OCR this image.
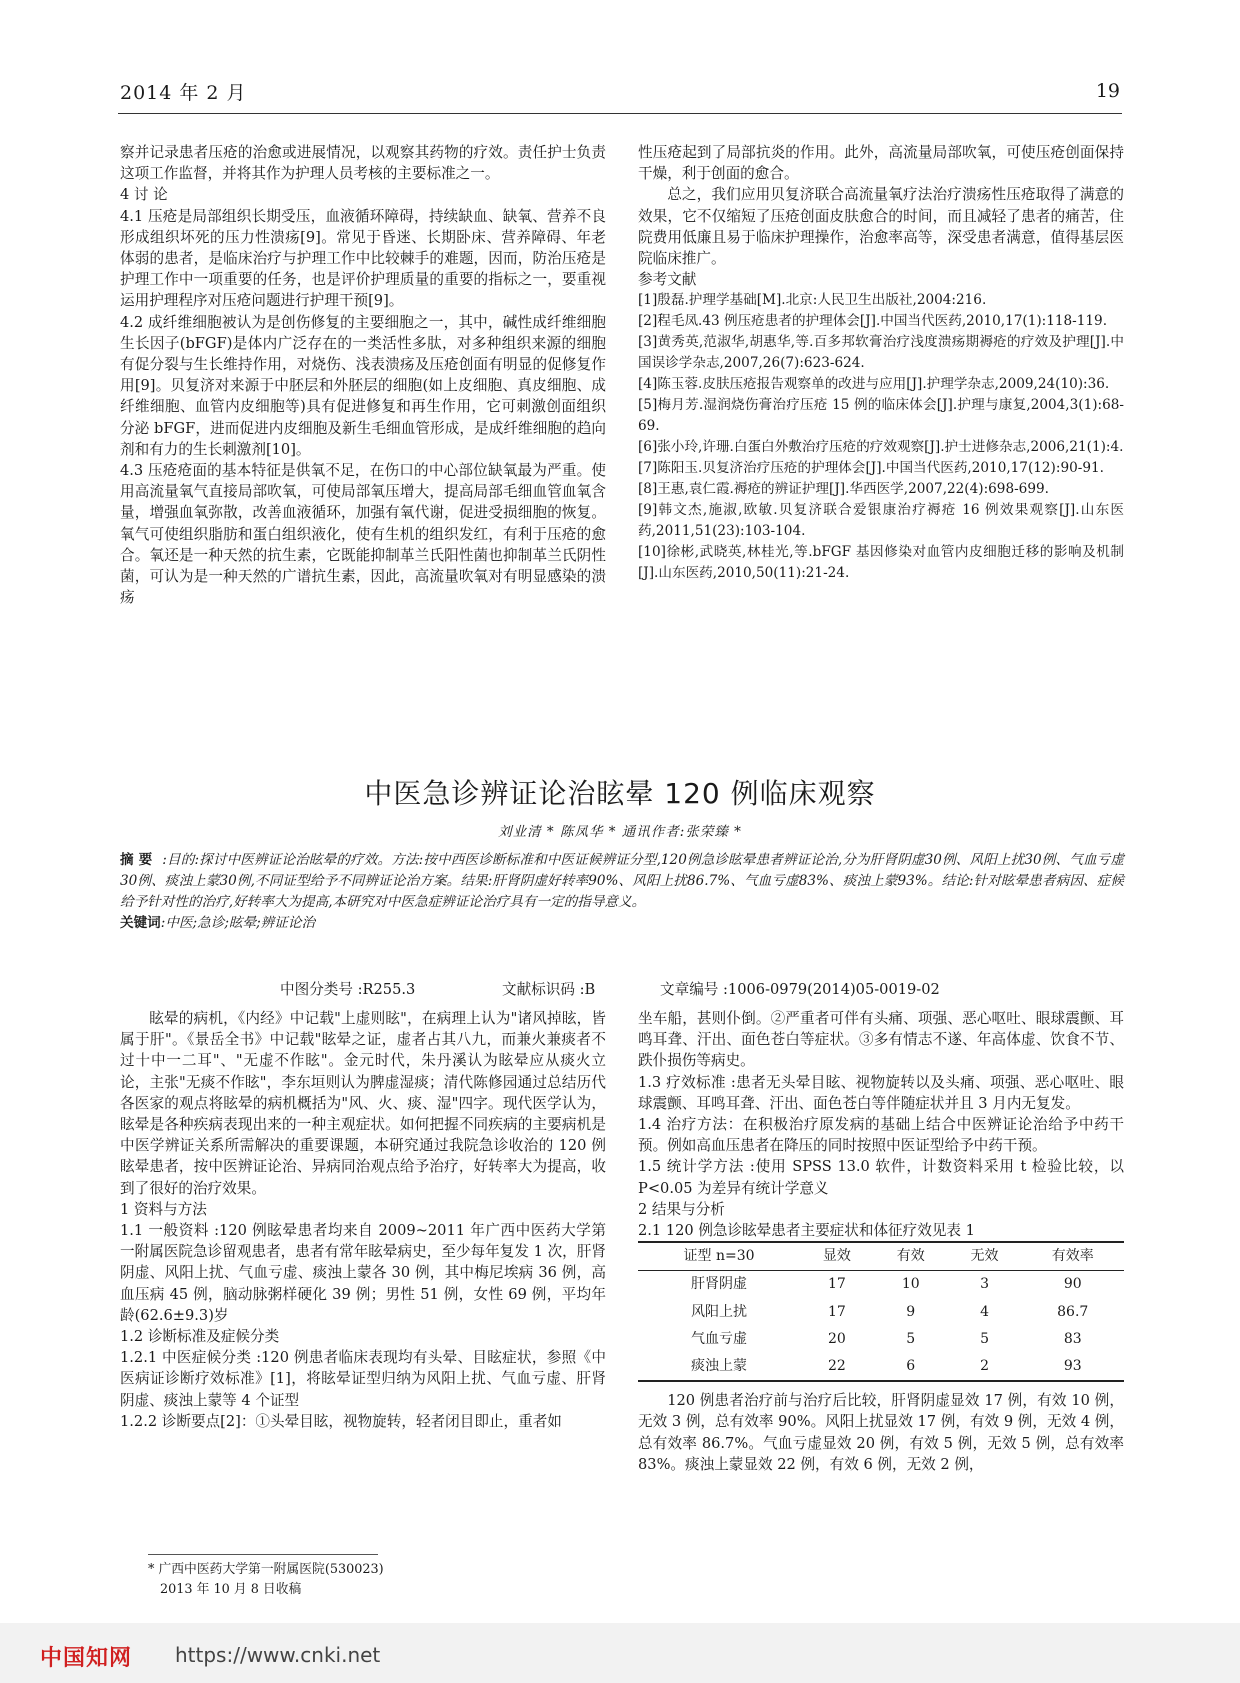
2014 年 2 月	19

察并记录患者压疮的治愈或进展情况，以观察其药物的疗效。责任护士负责这项工作监督，并将其作为护理人员考核的主要标准之一。

4 讨 论

4.1 压疮是局部组织长期受压，血液循环障碍，持续缺血、缺氧、营养不良形成组织坏死的压力性溃疡[9]。常见于昏迷、长期卧床、营养障碍、年老体弱的患者，是临床治疗与护理工作中比较棘手的难题，因而，防治压疮是护理工作中一项重要的任务，也是评价护理质量的重要的指标之一，要重视运用护理程序对压疮问题进行护理干预[9]。

4.2 成纤维细胞被认为是创伤修复的主要细胞之一，其中，碱性成纤维细胞生长因子(bFGF)是体内广泛存在的一类活性多肽，对多种组织来源的细胞有促分裂与生长维持作用，对烧伤、浅表溃疡及压疮创面有明显的促修复作用[9]。贝复济对来源于中胚层和外胚层的细胞(如上皮细胞、真皮细胞、成纤维细胞、血管内皮细胞等)具有促进修复和再生作用，它可刺激创面组织分泌 bFGF，进而促进内皮细胞及新生毛细血管形成，是成纤维细胞的趋向剂和有力的生长刺激剂[10]。

4.3 压疮疮面的基本特征是供氧不足，在伤口的中心部位缺氧最为严重。使用高流量氧气直接局部吹氧，可使局部氧压增大，提高局部毛细血管血氧含量，增强血氧弥散，改善血液循环，加强有氧代谢，促进受损细胞的恢复。氧气可使组织脂肪和蛋白组织液化，使有生机的组织发红，有利于压疮的愈合。氧还是一种天然的抗生素，它既能抑制革兰氏阳性菌也抑制革兰氏阴性菌，可认为是一种天然的广谱抗生素，因此，高流量吹氧对有明显感染的溃疡

性压疮起到了局部抗炎的作用。此外，高流量局部吹氧，可使压疮创面保持干燥，利于创面的愈合。

总之，我们应用贝复济联合高流量氧疗法治疗溃疡性压疮取得了满意的效果，它不仅缩短了压疮创面皮肤愈合的时间，而且减轻了患者的痛苦，住院费用低廉且易于临床护理操作，治愈率高等，深受患者满意，值得基层医院临床推广。

参考文献

[1]殷磊.护理学基础[M].北京:人民卫生出版社,2004:216.

[2]程毛凤.43 例压疮患者的护理体会[J].中国当代医药,2010,17(1):118-119.

[3]黄秀英,范淑华,胡惠华,等.百多邦软膏治疗浅度溃疡期褥疮的疗效及护理[J].中国误诊学杂志,2007,26(7):623-624.

[4]陈玉蓉.皮肤压疮报告观察单的改进与应用[J].护理学杂志,2009,24(10):36.

[5]梅月芳.湿润烧伤膏治疗压疮 15 例的临床体会[J].护理与康复,2004,3(1):68-69.

[6]张小玲,许珊.白蛋白外敷治疗压疮的疗效观察[J].护士进修杂志,2006,21(1):4.

[7]陈阳玉.贝复济治疗压疮的护理体会[J].中国当代医药,2010,17(12):90-91.

[8]王惠,袁仁霞.褥疮的辨证护理[J].华西医学,2007,22(4):698-699.

[9]韩文杰,施淑,欧敏.贝复济联合爱银康治疗褥疮 16 例效果观察[J].山东医药,2011,51(23):103-104.

[10]徐彬,武晓英,林桂光,等.bFGF 基因修染对血管内皮细胞迁移的影响及机制[J].山东医药,2010,50(11):21-24.

中医急诊辨证论治眩晕 120 例临床观察
刘业清 * 陈凤华 * 通讯作者:张荣臻 *

摘 要 :目的:探讨中医辨证论治眩晕的疗效。方法:按中西医诊断标准和中医证候辨证分型,120例急诊眩晕患者辨证论治,分为肝肾阴虚30例、风阳上扰30例、气血亏虚30例、痰浊上蒙30例,不同证型给予不同辨证论治方案。结果:肝肾阴虚好转率90%、风阳上扰86.7%、气血亏虚83%、痰浊上蒙93%。结论:针对眩晕患者病因、症候给予针对性的治疗,好转率大为提高,本研究对中医急症辨证论治疗具有一定的指导意义。

关键词:中医;急诊;眩晕;辨证论治

中图分类号 :R255.3	文献标识码 :B	文章编号 :1006-0979(2014)05-0019-02

眩晕的病机，《内经》中记载"上虚则眩"，在病理上认为"诸风掉眩，皆属于肝"。《景岳全书》中记载"眩晕之证，虚者占其八九，而兼火兼痰者不过十中一二耳"、"无虚不作眩"。金元时代，朱丹溪认为眩晕应从痰火立论，主张"无痰不作眩"，李东垣则认为脾虚湿痰；清代陈修园通过总结历代各医家的观点将眩晕的病机概括为"风、火、痰、湿"四字。现代医学认为，眩晕是各种疾病表现出来的一种主观症状。如何把握不同疾病的主要病机是中医学辨证关系所需解决的重要课题，本研究通过我院急诊收治的 120 例眩晕患者，按中医辨证论治、异病同治观点给予治疗，好转率大为提高，收到了很好的治疗效果。

1 资料与方法

1.1 一般资料 :120 例眩晕患者均来自 2009~2011 年广西中医药大学第一附属医院急诊留观患者，患者有常年眩晕病史，至少每年复发 1 次，肝肾阴虚、风阳上扰、气血亏虚、痰浊上蒙各 30 例，其中梅尼埃病 36 例，高血压病 45 例，脑动脉粥样硬化 39 例；男性 51 例，女性 69 例，平均年龄(62.6±9.3)岁

1.2 诊断标准及症候分类

1.2.1 中医症候分类 :120 例患者临床表现均有头晕、目眩症状，参照《中医病证诊断疗效标准》[1]，将眩晕证型归纳为风阳上扰、气血亏虚、肝肾阴虚、痰浊上蒙等 4 个证型

1.2.2 诊断要点[2]：①头晕目眩，视物旋转，轻者闭目即止，重者如

* 广西中医药大学第一附属医院(530023)
2013 年 10 月 8 日收稿

坐车船，甚则仆倒。②严重者可伴有头痛、项强、恶心呕吐、眼球震颤、耳鸣耳聋、汗出、面色苍白等症状。③多有情志不遂、年高体虚、饮食不节、跌仆损伤等病史。

1.3 疗效标准 :患者无头晕目眩、视物旋转以及头痛、项强、恶心呕吐、眼球震颤、耳鸣耳聋、汗出、面色苍白等伴随症状并且 3 月内无复发。

1.4 治疗方法：在积极治疗原发病的基础上结合中医辨证论治给予中药干预。例如高血压患者在降压的同时按照中医证型给予中药干预。

1.5 统计学方法 :使用 SPSS 13.0 软件，计数资料采用 t 检验比较，以 P<0.05 为差异有统计学意义

2 结果与分析

2.1 120 例急诊眩晕患者主要症状和体征疗效见表 1

证型 n=30	显效	有效	无效	有效率
肝肾阴虚	17	10	3	90
风阳上扰	17	9	4	86.7
气血亏虚	20	5	5	83
痰浊上蒙	22	6	2	93

120 例患者治疗前与治疗后比较，肝肾阴虚显效 17 例，有效 10 例，无效 3 例，总有效率 90%。风阳上扰显效 17 例，有效 9 例，无效 4 例，总有效率 86.7%。气血亏虚显效 20 例，有效 5 例，无效 5 例，总有效率 83%。痰浊上蒙显效 22 例，有效 6 例，无效 2 例，

中国知网 https://www.cnki.net
